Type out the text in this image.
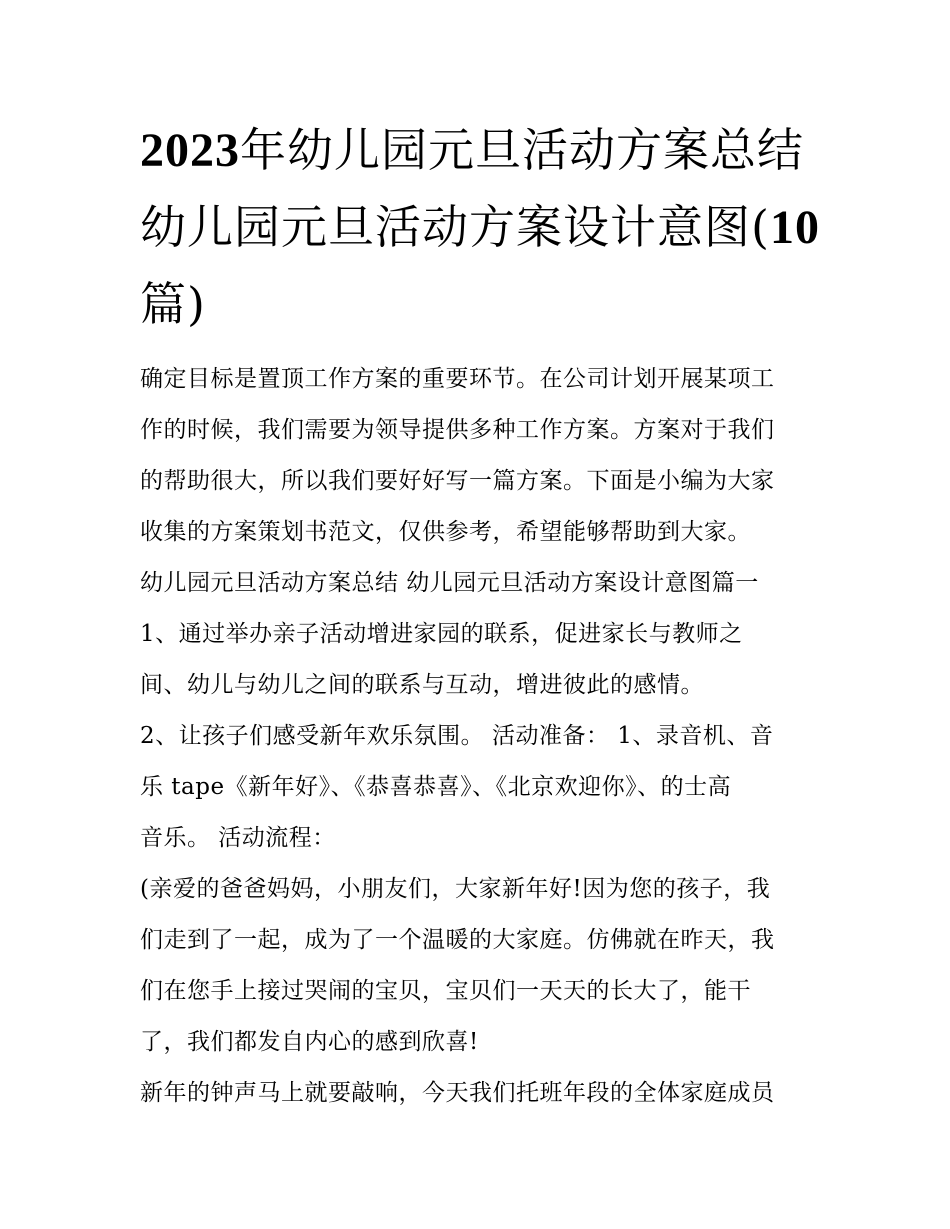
2023年幼儿园元旦活动方案总结 幼儿园元旦活动方案设计意图(10 篇)
确定目标是置顶工作方案的重要环节。在公司计划开展某项工
作的时候，我们需要为领导提供多种工作方案。方案对于我们
的帮助很大，所以我们要好好写一篇方案。下面是小编为大家
收集的方案策划书范文，仅供参考，希望能够帮助到大家。
幼儿园元旦活动方案总结 幼儿园元旦活动方案设计意图篇一
1、通过举办亲子活动增进家园的联系，促进家长与教师之
间、幼儿与幼儿之间的联系与互动，增进彼此的感情。
2、让孩子们感受新年欢乐氛围。 活动准备： 1、录音机、音
乐 tape《新年好》、《恭喜恭喜》、《北京欢迎你》、的士高
音乐。 活动流程：
(亲爱的爸爸妈妈，小朋友们，大家新年好!因为您的孩子，我
们走到了一起，成为了一个温暖的大家庭。仿佛就在昨天，我
们在您手上接过哭闹的宝贝，宝贝们一天天的长大了，能干
了，我们都发自内心的感到欣喜!
新年的钟声马上就要敲响，今天我们托班年段的全体家庭成员
